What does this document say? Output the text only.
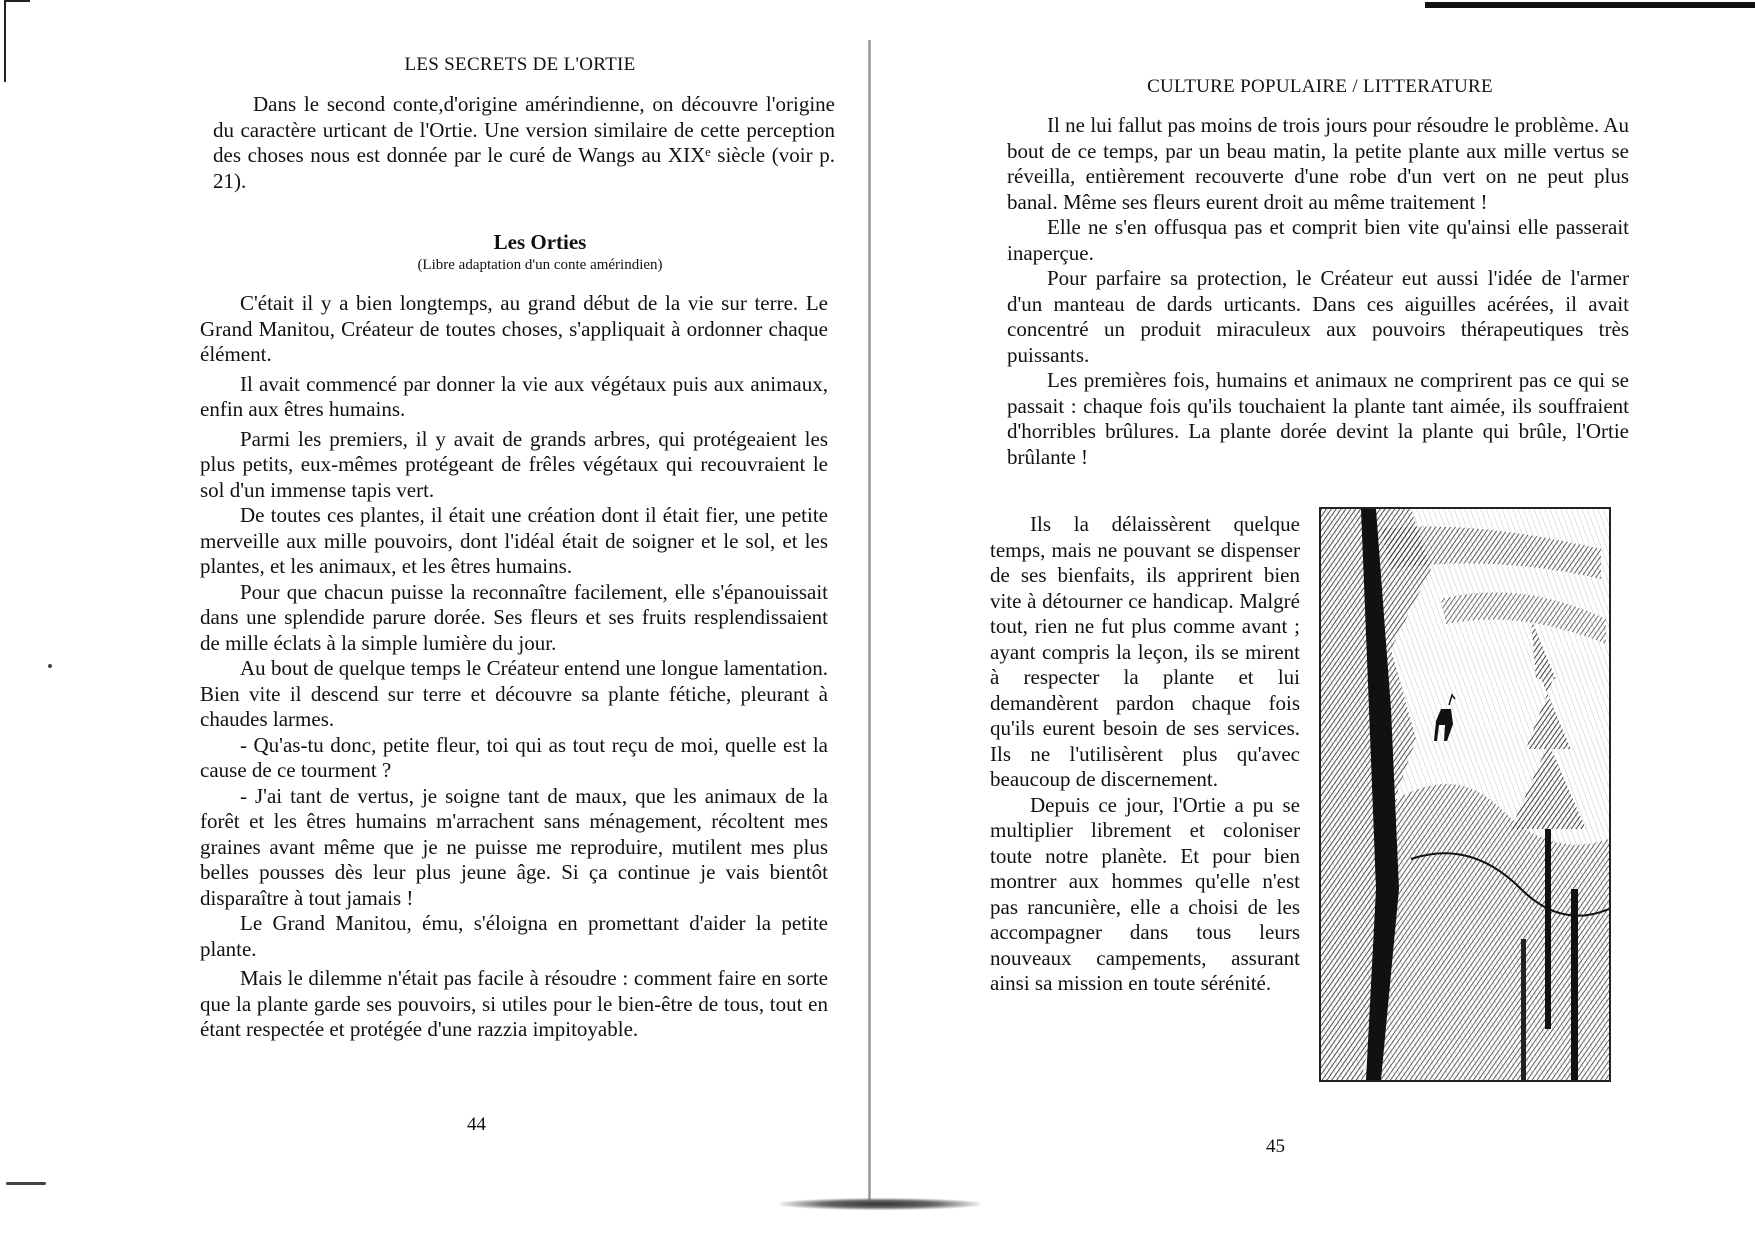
LES SECRETS DE L'ORTIE

Dans le second conte,d'origine amérindienne, on découvre l'origine du caractère urticant de l'Ortie. Une version similaire de cette perception des choses nous est donnée par le curé de Wangs au XIXᵉ siècle (voir p. 21).

Les Orties
(Libre adaptation d'un conte amérindien)

C'était il y a bien longtemps, au grand début de la vie sur terre. Le Grand Manitou, Créateur de toutes choses, s'appliquait à ordonner chaque élément.

Il avait commencé par donner la vie aux végétaux puis aux animaux, enfin aux êtres humains.

Parmi les premiers, il y avait de grands arbres, qui protégeaient les plus petits, eux-mêmes protégeant de frêles végétaux qui recouvraient le sol d'un immense tapis vert.

De toutes ces plantes, il était une création dont il était fier, une petite merveille aux mille pouvoirs, dont l'idéal était de soigner et le sol, et les plantes, et les animaux, et les êtres humains.

Pour que chacun puisse la reconnaître facilement, elle s'épanouissait dans une splendide parure dorée. Ses fleurs et ses fruits resplendissaient de mille éclats à la simple lumière du jour.

Au bout de quelque temps le Créateur entend une longue lamentation. Bien vite il descend sur terre et découvre sa plante fétiche, pleurant à chaudes larmes.

- Qu'as-tu donc, petite fleur, toi qui as tout reçu de moi, quelle est la cause de ce tourment ?

- J'ai tant de vertus, je soigne tant de maux, que les animaux de la forêt et les êtres humains m'arrachent sans ménagement, récoltent mes graines avant même que je ne puisse me reproduire, mutilent mes plus belles pousses dès leur plus jeune âge. Si ça continue je vais bientôt disparaître à tout jamais !

Le Grand Manitou, ému, s'éloigna en promettant d'aider la petite plante.

Mais le dilemme n'était pas facile à résoudre : comment faire en sorte que la plante garde ses pouvoirs, si utiles pour le bien-être de tous, tout en étant respectée et protégée d'une razzia impitoyable.

44
CULTURE POPULAIRE / LITTERATURE

Il ne lui fallut pas moins de trois jours pour résoudre le problème. Au bout de ce temps, par un beau matin, la petite plante aux mille vertus se réveilla, entièrement recouverte d'une robe d'un vert on ne peut plus banal. Même ses fleurs eurent droit au même traitement !

Elle ne s'en offusqua pas et comprit bien vite qu'ainsi elle passerait inaperçue.

Pour parfaire sa protection, le Créateur eut aussi l'idée de l'armer d'un manteau de dards urticants. Dans ces aiguilles acérées, il avait concentré un produit miraculeux aux pouvoirs thérapeutiques très puissants.

Les premières fois, humains et animaux ne comprirent pas ce qui se passait : chaque fois qu'ils touchaient la plante tant aimée, ils souffraient d'horribles brûlures. La plante dorée devint la plante qui brûle, l'Ortie brûlante !

Ils la délaissèrent quelque temps, mais ne pouvant se dispenser de ses bienfaits, ils apprirent bien vite à détourner ce handicap. Malgré tout, rien ne fut plus comme avant ; ayant compris la leçon, ils se mirent à respecter la plante et lui demandèrent pardon chaque fois qu'ils eurent besoin de ses services. Ils ne l'utilisèrent plus qu'avec beaucoup de discernement.

Depuis ce jour, l'Ortie a pu se multiplier librement et coloniser toute notre planète. Et pour bien montrer aux hommes qu'elle n'est pas rancunière, elle a choisi de les accompagner dans tous leurs nouveaux campements, assurant ainsi sa mission en toute sérénité.

45
